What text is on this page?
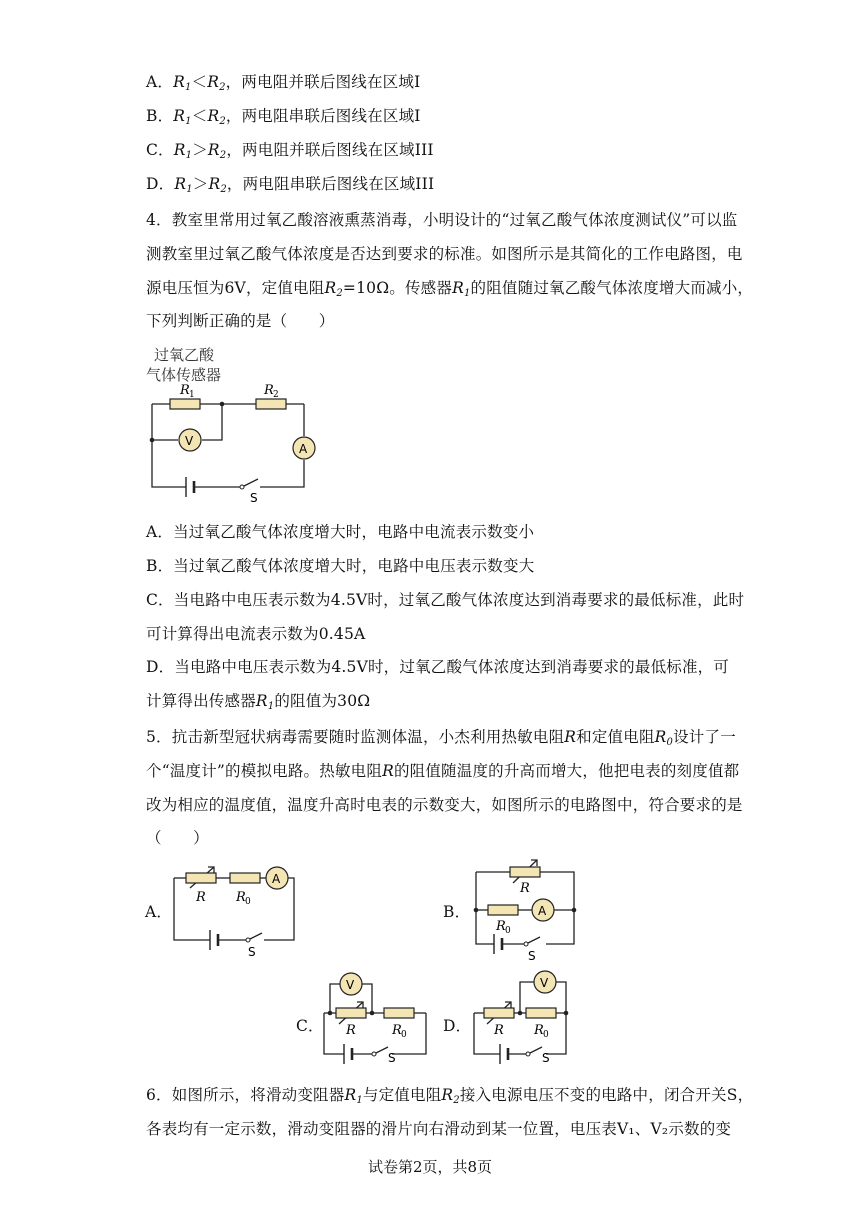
A．$R_1<R_2$，两电阻并联后图线在区域I
B．$R_1<R_2$，两电阻串联后图线在区域I
C．$R_1>R_2$，两电阻并联后图线在区域III
D．$R_1>R_2$，两电阻串联后图线在区域III
4．教室里常用过氧乙酸溶液熏蒸消毒，小明设计的“过氧乙酸气体浓度测试仪”可以监
测教室里过氧乙酸气体浓度是否达到要求的标准。如图所示是其简化的工作电路图，电
源电压恒为6V，定值电阻$R_2=10\Omega$。传感器$R_1$的阻值随过氧乙酸气体浓度增大而减小，
下列判断正确的是（　　）
过氧乙酸
气体传感器
R 1	R 2
V
A
S
A．当过氧乙酸气体浓度增大时，电路中电流表示数变小
B．当过氧乙酸气体浓度增大时，电路中电压表示数变大
C．当电路中电压表示数为4.5V时，过氧乙酸气体浓度达到消毒要求的最低标准，此时
可计算得出电流表示数为0.45A
D．当电路中电压表示数为4.5V时，过氧乙酸气体浓度达到消毒要求的最低标准，可
计算得出传感器$R_1$的阻值为30Ω
5．抗击新型冠状病毒需要随时监测体温，小杰利用热敏电阻R和定值电阻$R_0$设计了一
个“温度计”的模拟电路。热敏电阻R的阻值随温度的升高而增大，他把电表的刻度值都
改为相应的温度值，温度升高时电表的示数变大，如图所示的电路图中，符合要求的是
（　　）
A．	B．
C．	D．
A
R R 0
S
A
R
R 0
S
V
R	R 0
S
V
R R 0
S
6．如图所示，将滑动变阻器$R_1$与定值电阻$R_2$接入电源电压不变的电路中，闭合开关S，
各表均有一定示数，滑动变阻器的滑片向右滑动到某一位置，电压表V₁、V₂示数的变
试卷第2页，共8页
